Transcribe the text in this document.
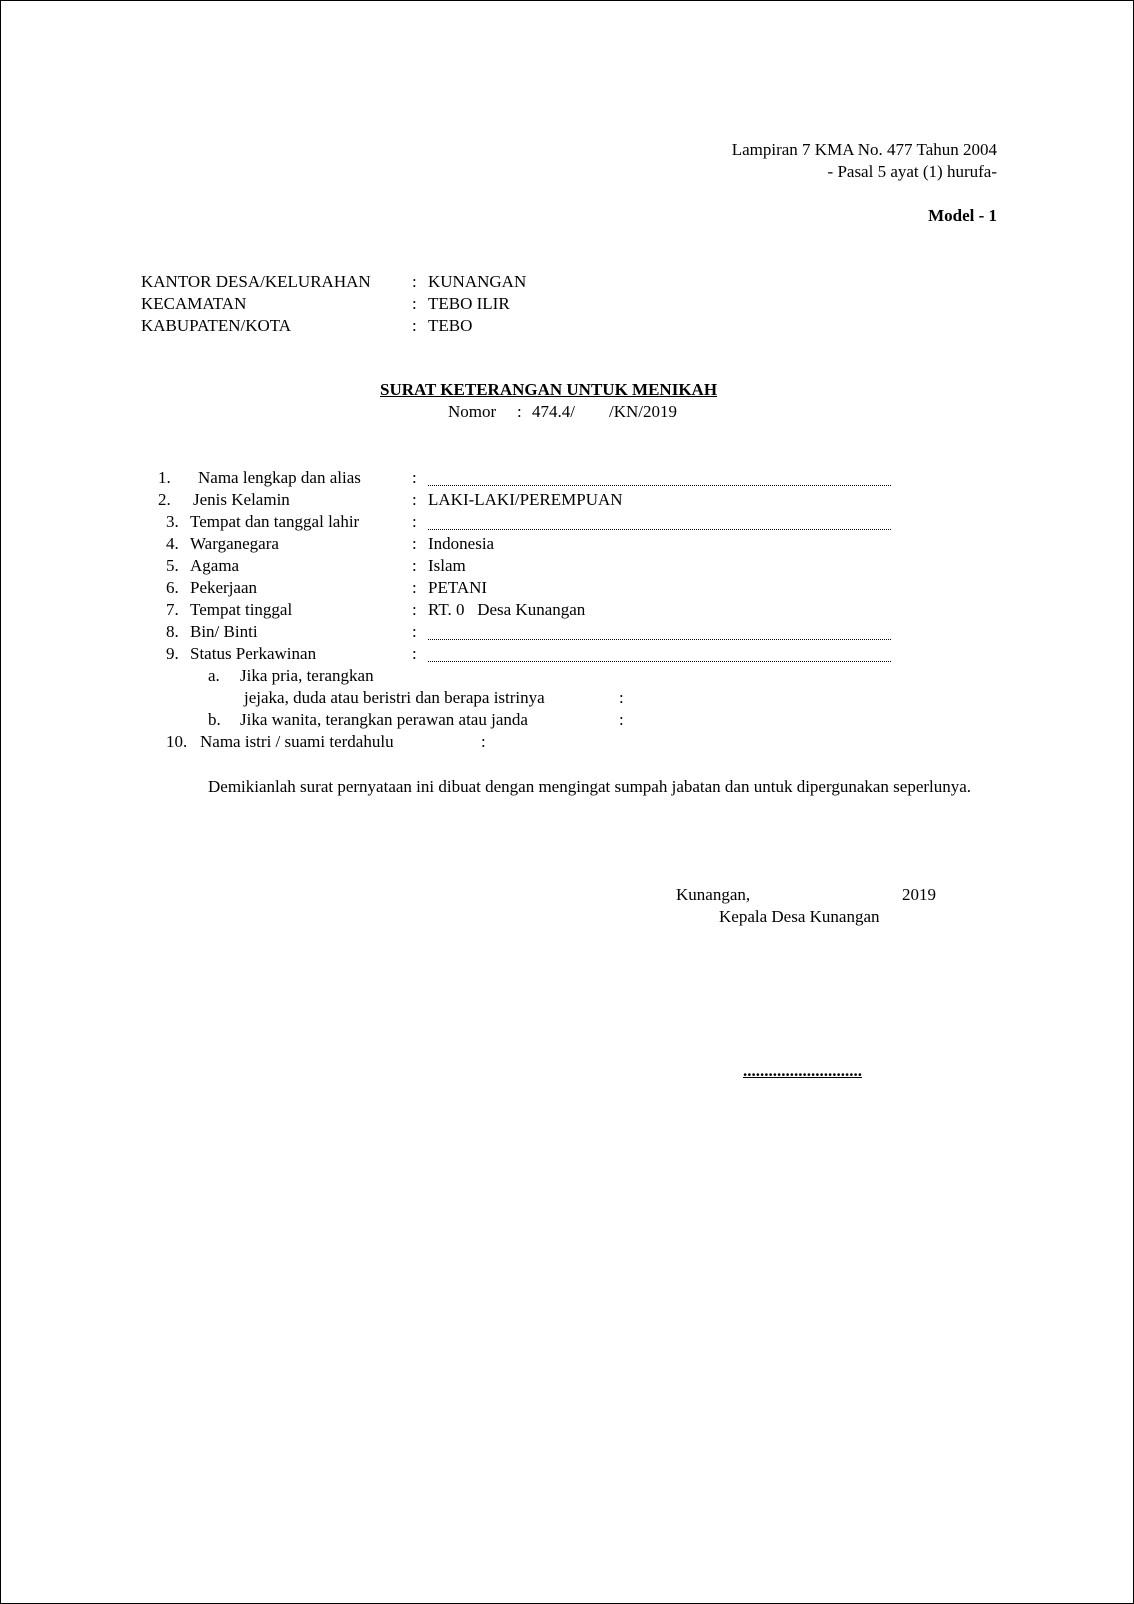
Lampiran 7 KMA No. 477 Tahun 2004
- Pasal 5 ayat (1) hurufa-
Model - 1
KANTOR DESA/KELURAHAN : KUNANGAN
KECAMATAN	: TEBO ILIR
KABUPATEN/KOTA	: TEBO
SURAT KETERANGAN UNTUK MENIKAH
Nomor : 474.4/        /KN/2019
1. Nama lengkap dan alias	:
2. Jenis Kelamin	: LAKI-LAKI/PEREMPUAN
3. Tempat dan tanggal lahir	:
4. Warganegara	: Indonesia
5. Agama	: Islam
6. Pekerjaan	: PETANI
7. Tempat tinggal	: RT. 0   Desa Kunangan
8. Bin/ Binti	:
9. Status Perkawinan	:
a. Jika pria, terangkan
jejaka, duda atau beristri dan berapa istrinya	:
b. Jika wanita, terangkan perawan atau janda	:
10. Nama istri / suami terdahulu	:
Demikianlah surat pernyataan ini dibuat dengan mengingat sumpah jabatan dan untuk dipergunakan seperlunya.
Kunangan,	2019
Kepala Desa Kunangan
............................
